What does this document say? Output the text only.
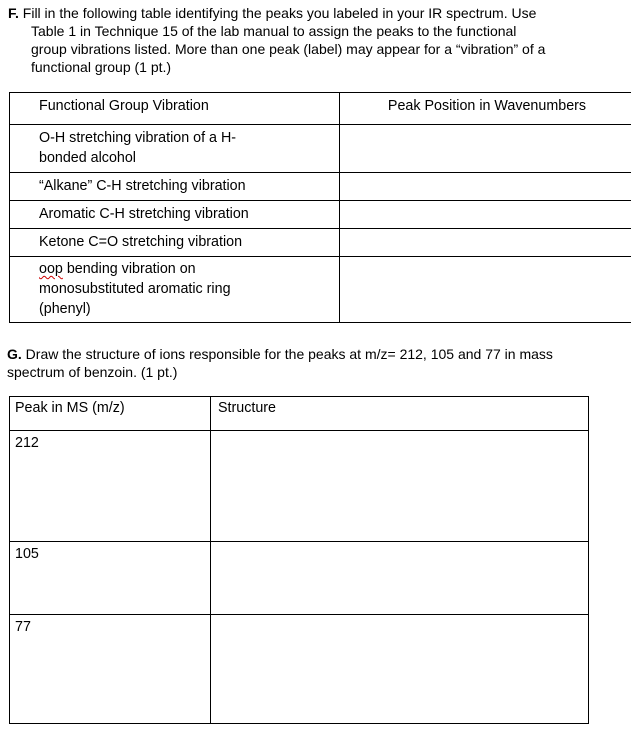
F. Fill in the following table identifying the peaks you labeled in your IR spectrum. Use
Table 1 in Technique 15 of the lab manual to assign the peaks to the functional
group vibrations listed. More than one peak (label) may appear for a “vibration” of a
functional group (1 pt.)
Functional Group Vibration	Peak Position in Wavenumbers
O-H stretching vibration of a H-
bonded alcohol	
“Alkane” C-H stretching vibration	
Aromatic C-H stretching vibration	
Ketone C=O stretching vibration	
oop bending vibration on
monosubstituted aromatic ring
(phenyl)	
G. Draw the structure of ions responsible for the peaks at m/z= 212, 105 and 77 in mass
spectrum of benzoin. (1 pt.)
Peak in MS (m/z)	Structure
212	
105	
77	
